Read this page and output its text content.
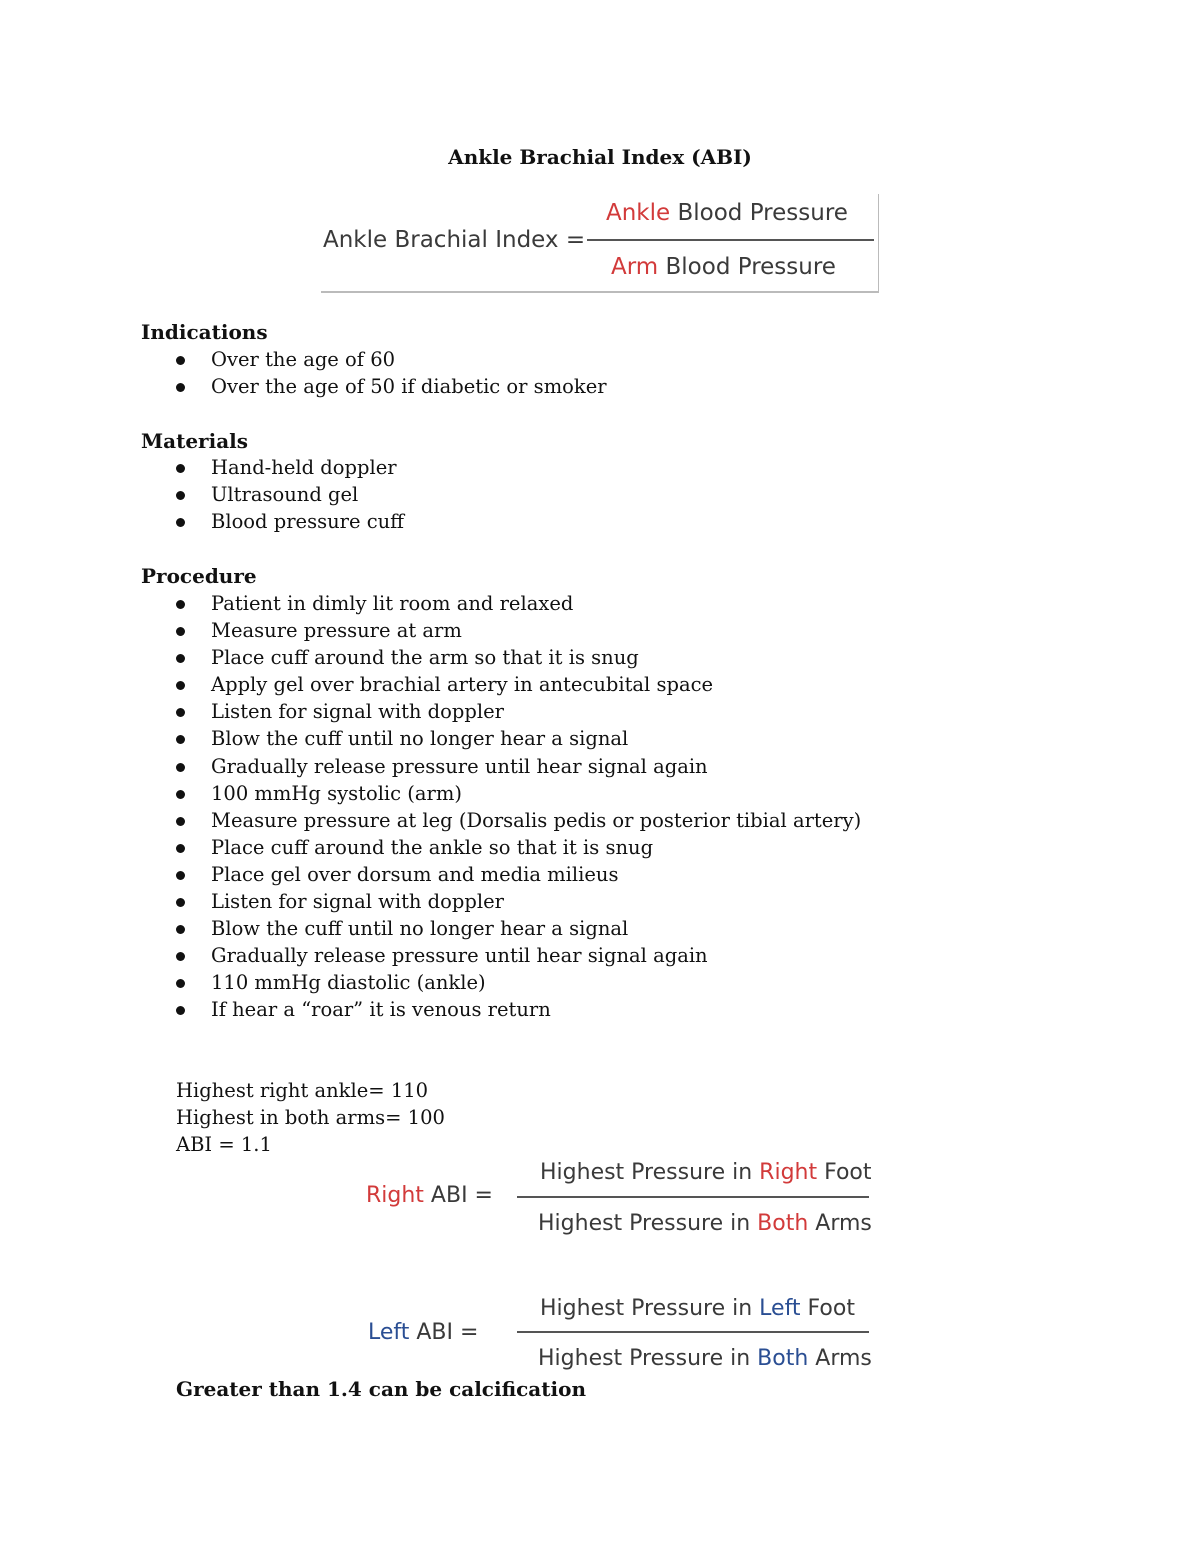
Ankle Brachial Index (ABI)
Ankle Brachial Index =
Ankle Blood Pressure
Arm Blood Pressure
Indications
Over the age of 60
Over the age of 50 if diabetic or smoker
Materials
Hand-held doppler
Ultrasound gel
Blood pressure cuff
Procedure
Patient in dimly lit room and relaxed
Measure pressure at arm
Place cuff around the arm so that it is snug
Apply gel over brachial artery in antecubital space
Listen for signal with doppler
Blow the cuff until no longer hear a signal
Gradually release pressure until hear signal again
100 mmHg systolic (arm)
Measure pressure at leg (Dorsalis pedis or posterior tibial artery)
Place cuff around the ankle so that it is snug
Place gel over dorsum and media milieus
Listen for signal with doppler
Blow the cuff until no longer hear a signal
Gradually release pressure until hear signal again
110 mmHg diastolic (ankle)
If hear a “roar” it is venous return
Highest right ankle= 110
Highest in both arms= 100
ABI = 1.1
Right ABI =
Highest Pressure in Right Foot
Highest Pressure in Both Arms
Left ABI =
Highest Pressure in Left Foot
Highest Pressure in Both Arms
Greater than 1.4 can be calcification
